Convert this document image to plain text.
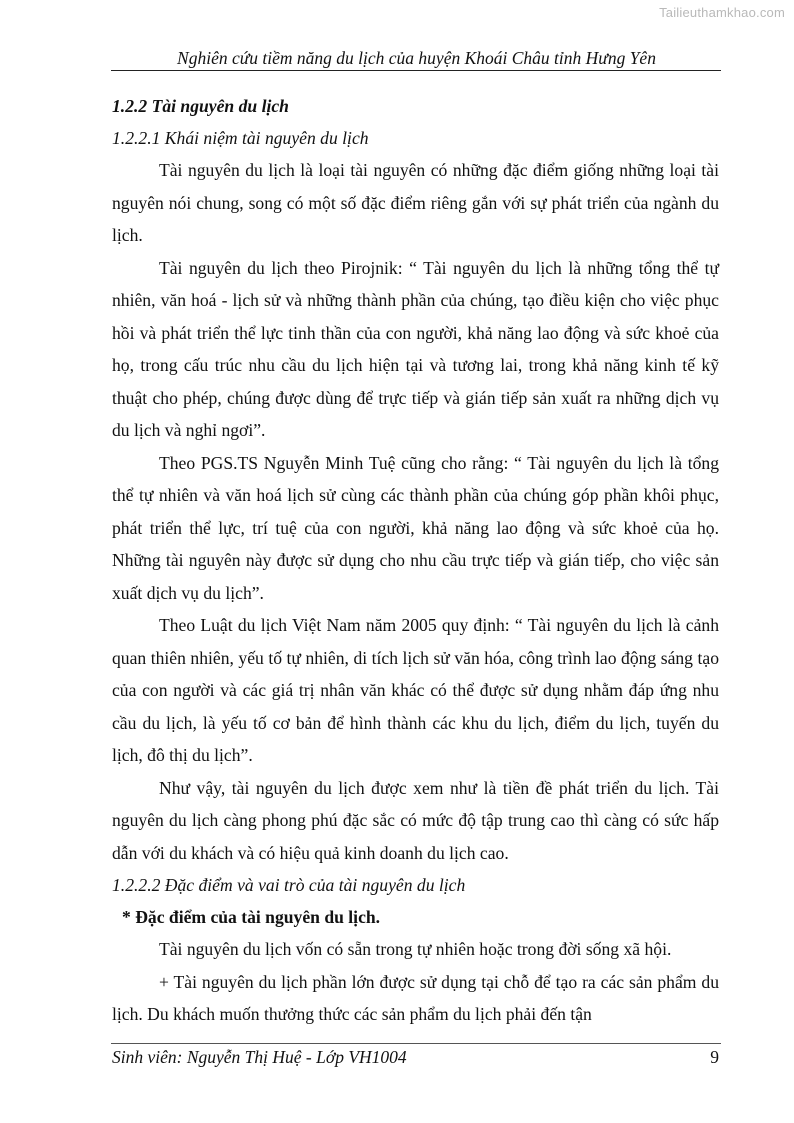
Tailieuthamkhao.com
Nghiên cứu tiềm năng du lịch của huyện Khoái Châu tỉnh Hưng Yên
1.2.2 Tài nguyên du lịch
1.2.2.1 Khái niệm tài nguyên du lịch

Tài nguyên du lịch là loại tài nguyên có những đặc điểm giống những loại tài nguyên nói chung, song có một số đặc điểm riêng gắn với sự phát triển của ngành du lịch.

Tài nguyên du lịch theo Pirojnik: “ Tài nguyên du lịch là những tổng thể tự nhiên, văn hoá - lịch sử và những thành phần của chúng, tạo điều kiện cho việc phục hồi và phát triển thể lực tinh thần của con người, khả năng lao động và sức khoẻ của họ, trong cấu trúc nhu cầu du lịch hiện tại và tương lai, trong khả năng kinh tế kỹ thuật cho phép, chúng được dùng để trực tiếp và gián tiếp sản xuất ra những dịch vụ du lịch và nghỉ ngơi”.

Theo PGS.TS Nguyễn Minh Tuệ cũng cho rằng: “ Tài nguyên du lịch là tổng thể tự nhiên và văn hoá lịch sử cùng các thành phần của chúng góp phần khôi phục, phát triển thể lực, trí tuệ của con người, khả năng lao động và sức khoẻ của họ. Những tài nguyên này được sử dụng cho nhu cầu trực tiếp và gián tiếp, cho việc sản xuất dịch vụ du lịch”.

Theo Luật du lịch Việt Nam năm 2005 quy định: “ Tài nguyên du lịch là cảnh quan thiên nhiên, yếu tố tự nhiên, di tích lịch sử văn hóa, công trình lao động sáng tạo của con người và các giá trị nhân văn khác có thể được sử dụng nhằm đáp ứng nhu cầu du lịch, là yếu tố cơ bản để hình thành các khu du lịch, điểm du lịch, tuyến du lịch, đô thị du lịch”.

Như vậy, tài nguyên du lịch được xem như là tiền đề phát triển du lịch. Tài nguyên du lịch càng phong phú đặc sắc có mức độ tập trung cao thì càng có sức hấp dẫn với du khách và có hiệu quả kinh doanh du lịch cao.

1.2.2.2 Đặc điểm và vai trò của tài nguyên du lịch
* Đặc điểm của tài nguyên du lịch.

Tài nguyên du lịch vốn có sẵn trong tự nhiên hoặc trong đời sống xã hội.

+ Tài nguyên du lịch phần lớn được sử dụng tại chỗ để tạo ra các sản phẩm du lịch. Du khách muốn thưởng thức các sản phẩm du lịch phải đến tận

Sinh viên: Nguyễn Thị Huệ - Lớp VH1004	9
